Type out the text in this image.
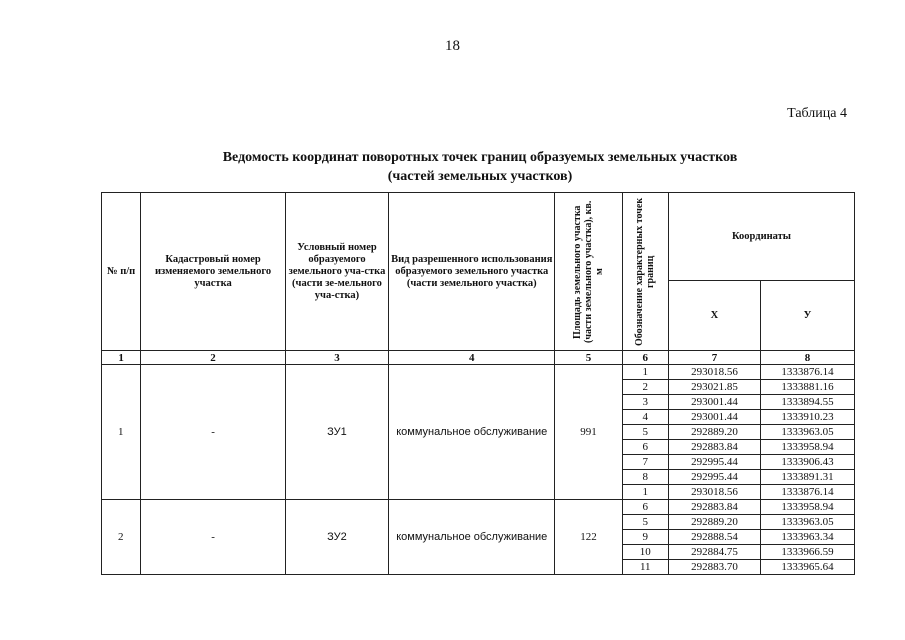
18
Таблица 4
Ведомость координат поворотных точек границ образуемых земельных участков
(частей земельных участков)
№ п/п	Кадастровый номер изменяемого земельного участка	Условный номер образуемого земельного уча-стка (части зе-мельного уча-стка)	Вид разрешенного использования образуемого земельного участка (части земельного участка)	Площадь земельного участка (части земельного участка), кв. м	Обозначение характерных точек границ	Координаты	
						Х	У
1	2	3	4	5	6	7	8
1	-	ЗУ1	коммунальное обслуживание	991	1	293018.56	1333876.14
					2	293021.85	1333881.16
					3	293001.44	1333894.55
					4	293001.44	1333910.23
					5	292889.20	1333963.05
					6	292883.84	1333958.94
					7	292995.44	1333906.43
					8	292995.44	1333891.31
					1	293018.56	1333876.14
2	-	ЗУ2	коммунальное обслуживание	122	6	292883.84	1333958.94
					5	292889.20	1333963.05
					9	292888.54	1333963.34
					10	292884.75	1333966.59
					11	292883.70	1333965.64
